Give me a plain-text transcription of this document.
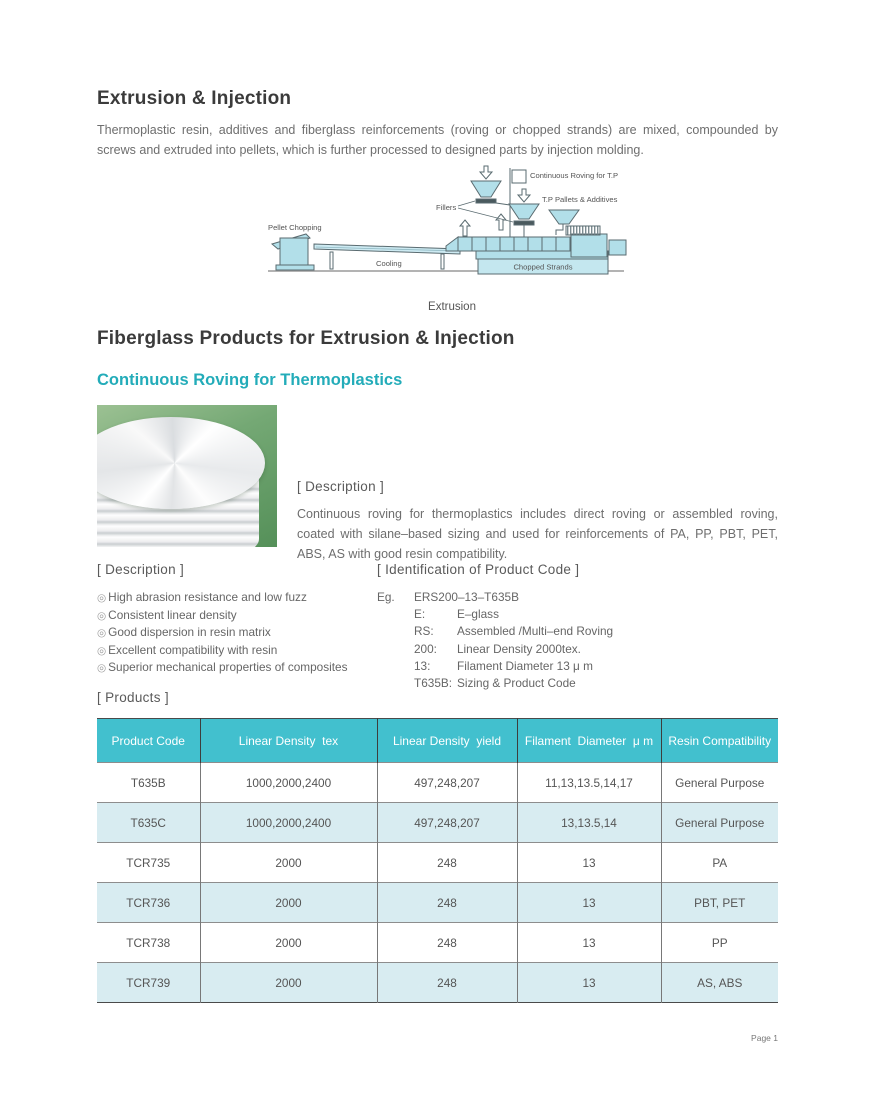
Extrusion & Injection

Thermoplastic resin, additives and fiberglass reinforcements (roving or chopped strands) are mixed, compounded by screws and extruded into pellets, which is further processed to designed parts by injection molding.

Pellet Chopping
Cooling	Chopped Strands
Continuous Roving for T.P
T.P Pallets & Additives
Fillers
Extrusion
Fiberglass Products for Extrusion & Injection
Continuous Roving for Thermoplastics
[ Description ]

Continuous roving for thermoplastics includes direct roving or assembled roving, coated with silane–based sizing and used for reinforcements of PA, PP, PBT, PET, ABS, AS with good resin compatibility.

[ Description ]
◎ High abrasion resistance and low fuzz
◎ Consistent linear density
◎ Good dispersion in resin matrix
◎ Excellent compatibility with resin
◎ Superior mechanical properties of composites
[ Identification of Product Code ]
Eg.	ERS200–13–T635B
E:	E–glass
RS:	Assembled /Multi–end Roving
200:	Linear Density 2000tex.
13:	Filament Diameter 13 μ m
T635B: Sizing & Product Code
[ Products ]
Product Code	Linear Density  tex	Linear Density  yield	Filament  Diameter  μ m	Resin Compatibility
T635B	1000,2000,2400	497,248,207	11,13,13.5,14,17	General Purpose
T635C	1000,2000,2400	497,248,207	13,13.5,14	General Purpose
TCR735	2000	248	13	PA
TCR736	2000	248	13	PBT, PET
TCR738	2000	248	13	PP
TCR739	2000	248	13	AS, ABS
Page 1
